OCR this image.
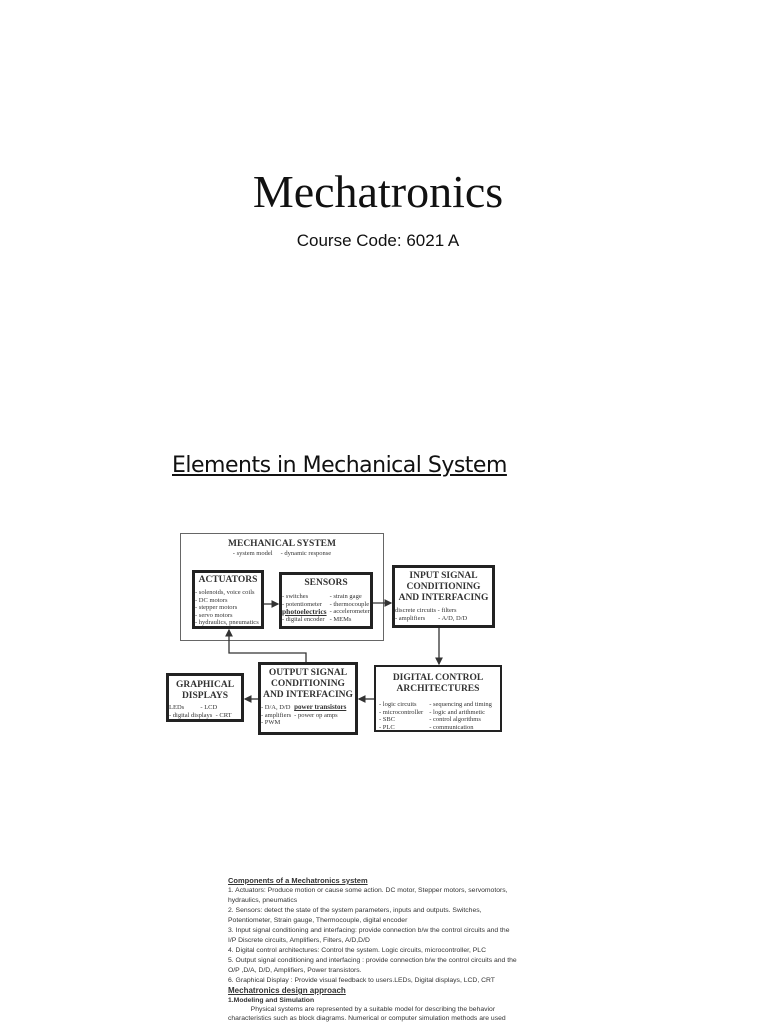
Mechatronics
Course Code: 6021 A
Elements in Mechanical System
MECHANICAL SYSTEM
- system model     - dynamic response
ACTUATORS
- solenoids, voice coils
- DC motors
- stepper motors
- servo motors
- hydraulics, pneumatics
SENSORS
- switches
- potentiometer
photoelectrics
- digital encoder
- strain gage
- thermocouple
- accelerometer
- MEMs
INPUT SIGNAL
CONDITIONING
AND INTERFACING
discrete circuits - filters
- amplifiers        - A/D, D/D
GRAPHICAL
DISPLAYS
LEDs          - LCD
- digital displays  - CRT
OUTPUT SIGNAL
CONDITIONING
AND INTERFACING
- D/A, D/D
- amplifiers
- PWM
power transistors
- power op amps
DIGITAL CONTROL
ARCHITECTURES
- logic circuits
- microcontroller
- SBC
- PLC
- sequencing and timing
- logic and arithmetic
- control algorithms
- communication
Components of a Mechatronics system
1. Actuators: Produce motion or cause some action. DC motor, Stepper motors, servomotors,
hydraulics, pneumatics
2. Sensors: detect the state of the system parameters, inputs and outputs. Switches,
Potentiometer, Strain gauge, Thermocouple, digital encoder
3. Input signal conditioning and interfacing: provide connection b/w the control circuits and the
I/P Discrete circuits, Amplifiers, Filters, A/D,D/D
4. Digital control architectures: Control the system. Logic circuits, microcontroller, PLC
5. Output signal conditioning and interfacing : provide connection b/w the control circuits and the
O/P ,D/A, D/D, Amplifiers, Power transistors.
6. Graphical Display : Provide visual feedback to users.LEDs, Digital displays, LCD, CRT
Mechatronics design approach
1.Modeling and Simulation
Physical systems are represented by a suitable model for describing the behavior
characteristics such as block diagrams. Numerical or computer simulation methods are used
